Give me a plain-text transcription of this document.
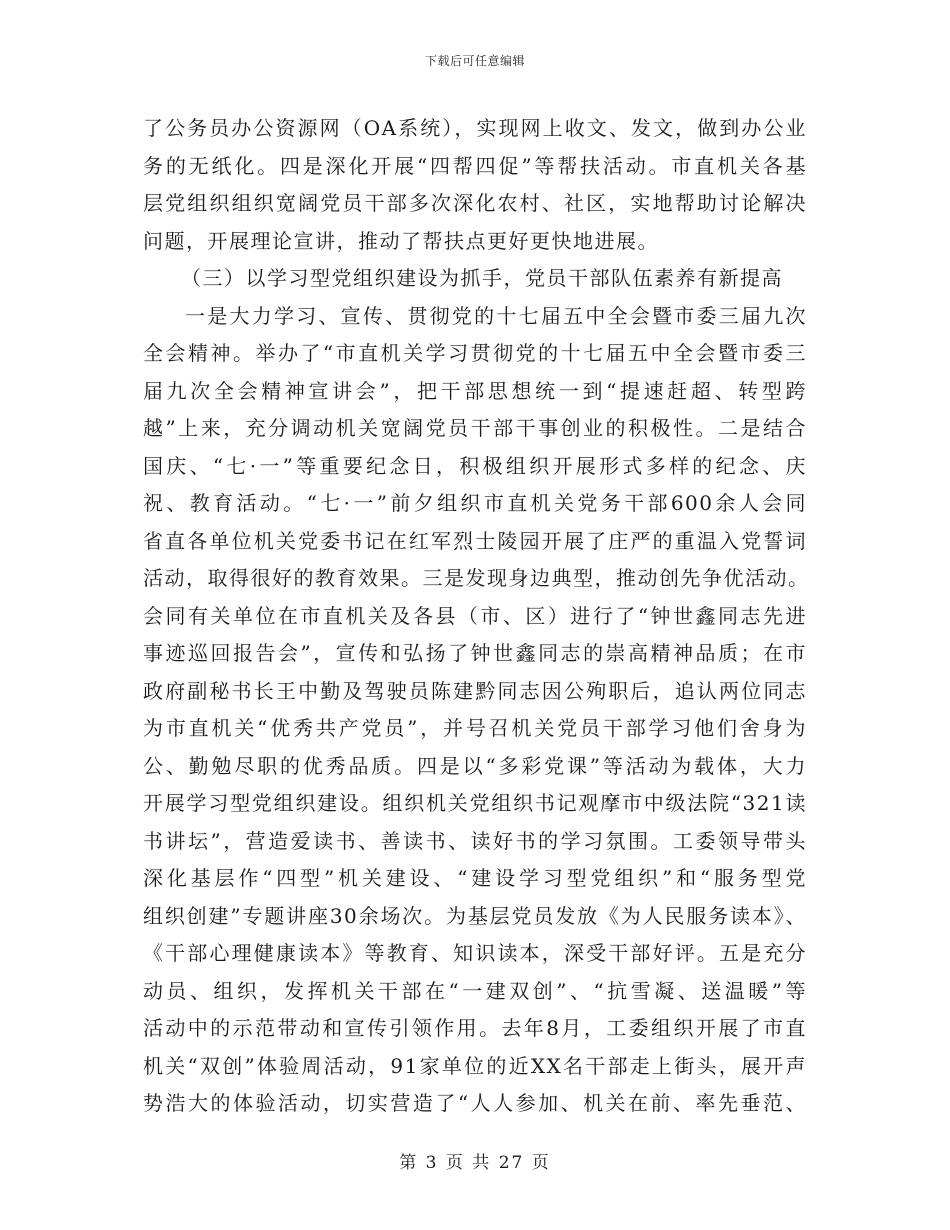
下载后可任意编辑
了公务员办公资源网（OA系统），实现网上收文、发文，做到办公业
务的无纸化。四是深化开展“四帮四促”等帮扶活动。市直机关各基
层党组织组织宽阔党员干部多次深化农村、社区，实地帮助讨论解决
问题，开展理论宣讲，推动了帮扶点更好更快地进展。
（三）以学习型党组织建设为抓手，党员干部队伍素养有新提高
一是大力学习、宣传、贯彻党的十七届五中全会暨市委三届九次
全会精神。举办了“市直机关学习贯彻党的十七届五中全会暨市委三
届九次全会精神宣讲会”，把干部思想统一到“提速赶超、转型跨
越”上来，充分调动机关宽阔党员干部干事创业的积极性。二是结合
国庆、“七·一”等重要纪念日，积极组织开展形式多样的纪念、庆
祝、教育活动。“七·一”前夕组织市直机关党务干部600余人会同
省直各单位机关党委书记在红军烈士陵园开展了庄严的重温入党誓词
活动，取得很好的教育效果。三是发现身边典型，推动创先争优活动。
会同有关单位在市直机关及各县（市、区）进行了“钟世鑫同志先进
事迹巡回报告会”，宣传和弘扬了钟世鑫同志的崇高精神品质；在市
政府副秘书长王中勤及驾驶员陈建黔同志因公殉职后，追认两位同志
为市直机关“优秀共产党员”，并号召机关党员干部学习他们舍身为
公、勤勉尽职的优秀品质。四是以“多彩党课”等活动为载体，大力
开展学习型党组织建设。组织机关党组织书记观摩市中级法院“321读
书讲坛”，营造爱读书、善读书、读好书的学习氛围。工委领导带头
深化基层作“四型”机关建设、“建设学习型党组织”和“服务型党
组织创建”专题讲座30余场次。为基层党员发放《为人民服务读本》、
《干部心理健康读本》等教育、知识读本，深受干部好评。五是充分
动员、组织，发挥机关干部在“一建双创”、“抗雪凝、送温暖”等
活动中的示范带动和宣传引领作用。去年8月，工委组织开展了市直
机关“双创”体验周活动，91家单位的近XX名干部走上街头，展开声
势浩大的体验活动，切实营造了“人人参加、机关在前、率先垂范、
第 3 页 共 27 页
